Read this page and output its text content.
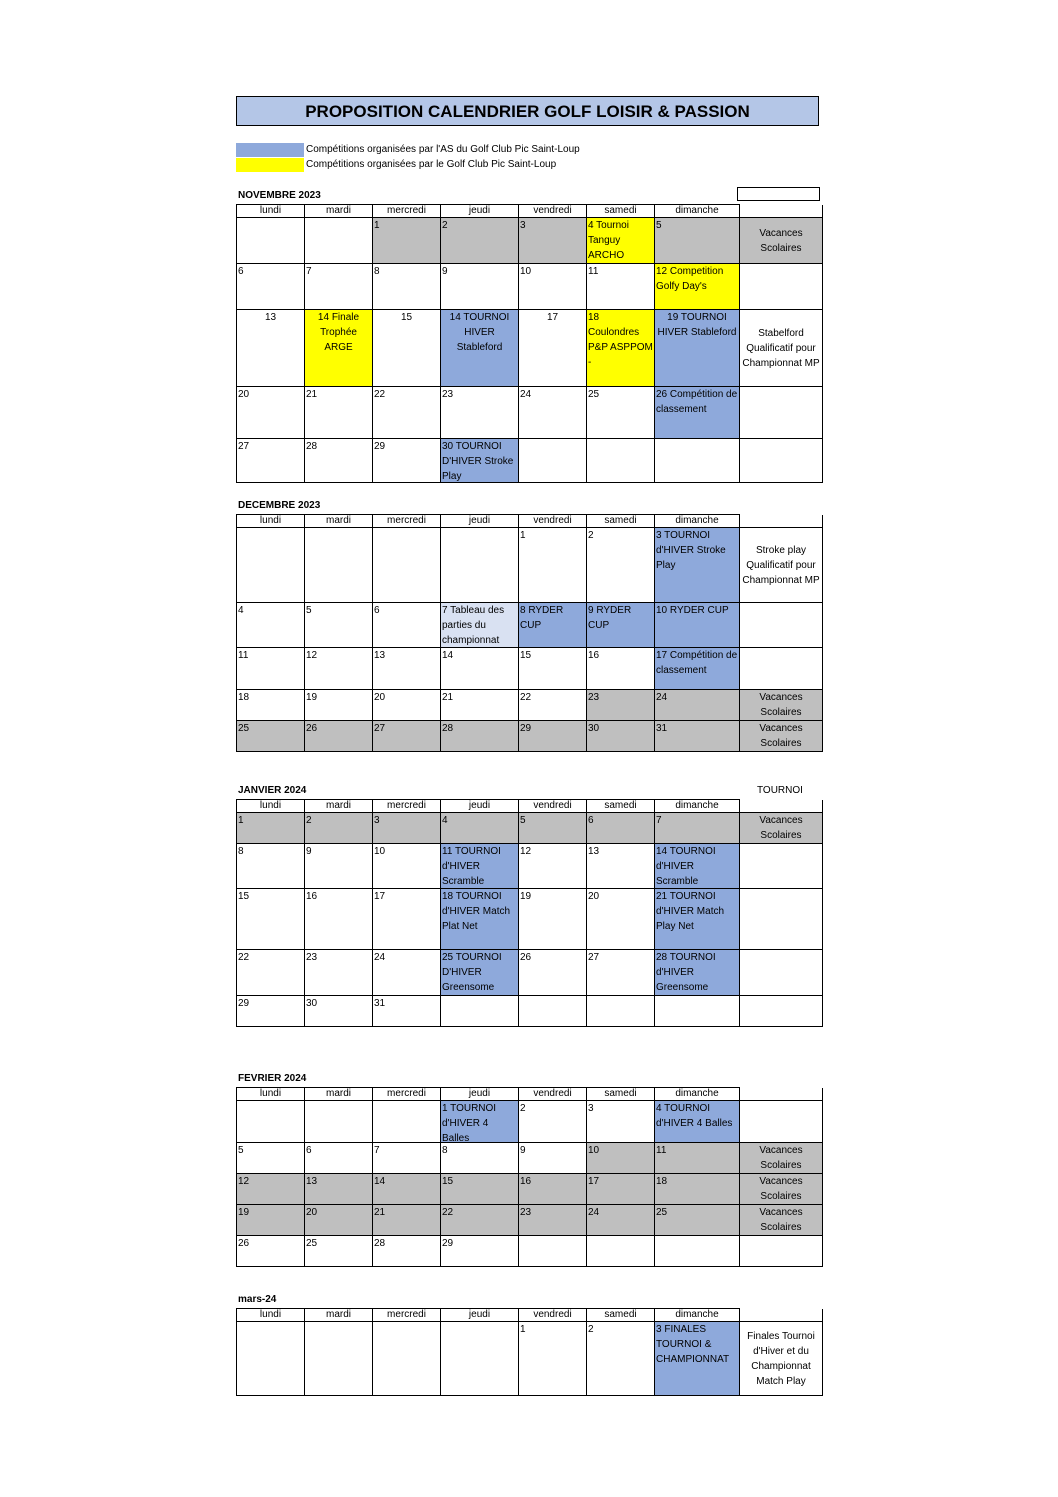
PROPOSITION CALENDRIER GOLF LOISIR & PASSION
Compétitions organisées par l'AS du Golf Club Pic Saint-Loup
Compétitions organisées par le Golf Club Pic Saint-Loup
NOVEMBRE 2023
lundi	mardi	mercredi	jeudi	vendredi	samedi	dimanche	

		1	2	3	4 Tournoi Tanguy ARCHO	5	Vacances Scolaires

6	7	8	9	10	11	12 Competition Golfy Day's	

13	14 Finale Trophée ARGE	15	14 TOURNOI HIVER Stableford	17	18 Coulondres P&P ASPPOM -	19 TOURNOI HIVER Stableford	Stabelford Qualificatif pour Championnat MP

20	21	22	23	24	25	26 Compétition de classement	

27	28	29	30 TOURNOI D'HIVER Stroke Play				

DECEMBRE 2023
lundi	mardi	mercredi	jeudi	vendredi	samedi	dimanche	

				1	2	3 TOURNOI d'HIVER Stroke Play	Stroke play Qualificatif pour Championnat MP

4	5	6	7 Tableau des parties du championnat	8 RYDER CUP	9 RYDER CUP	10 RYDER CUP	

11	12	13	14	15	16	17 Compétition de classement	

18	19	20	21	22	23	24	Vacances Scolaires

25	26	27	28	29	30	31	Vacances Scolaires
JANVIER 2024	TOURNOI
lundi	mardi	mercredi	jeudi	vendredi	samedi	dimanche	

1	2	3	4	5	6	7	Vacances Scolaires

8	9	10	11 TOURNOI d'HIVER Scramble	12	13	14 TOURNOI d'HIVER Scramble	

15	16	17	18 TOURNOI d'HIVER Match Plat Net	19	20	21 TOURNOI d'HIVER Match Play Net	

22	23	24	25 TOURNOI D'HIVER Greensome	26	27	28 TOURNOI d'HIVER Greensome	

29	30	31					

FEVRIER 2024
lundi	mardi	mercredi	jeudi	vendredi	samedi	dimanche	

			1 TOURNOI d'HIVER 4 Balles	2	3	4 TOURNOI d'HIVER 4 Balles	

5	6	7	8	9	10	11	Vacances Scolaires

12	13	14	15	16	17	18	Vacances Scolaires

19	20	21	22	23	24	25	Vacances Scolaires

26	25	28	29				

mars-24
lundi	mardi	mercredi	jeudi	vendredi	samedi	dimanche	

				1	2	3 FINALES TOURNOI & CHAMPIONNAT	Finales Tournoi d'Hiver et du Championnat Match Play
